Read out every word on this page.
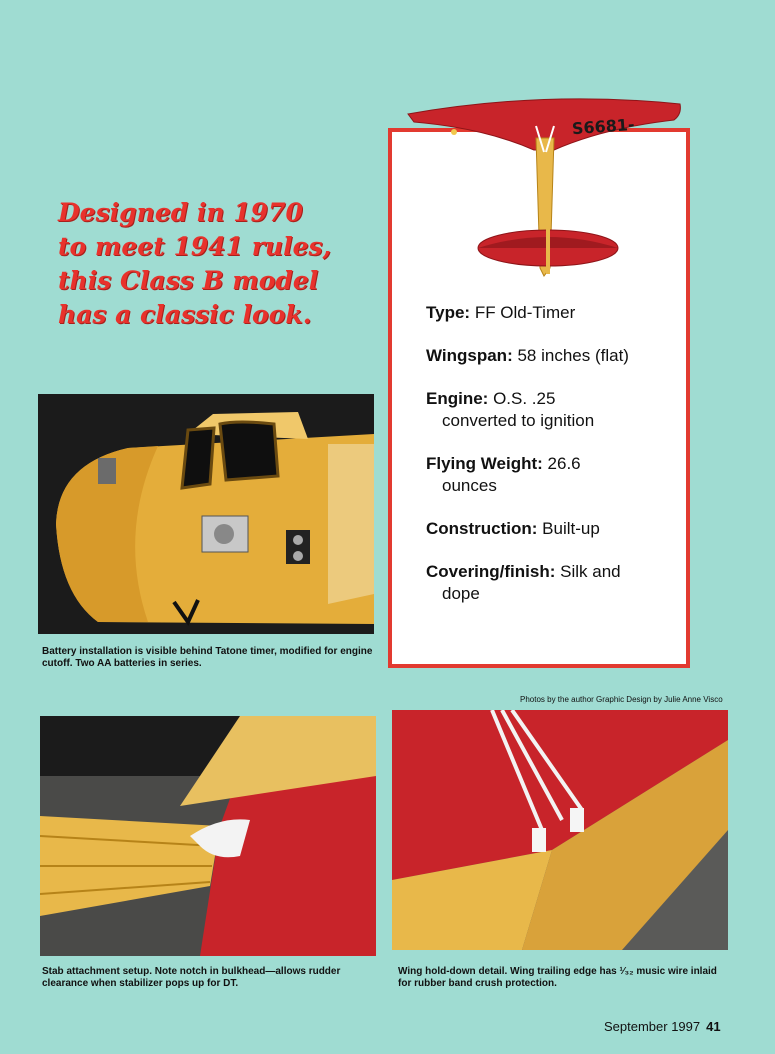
Designed in 1970
to meet 1941 rules,
this Class B model
has a classic look.
S6681-
Type: FF Old-Timer
Wingspan: 58 inches (flat)
Engine: O.S. .25
converted to ignition
Flying Weight: 26.6
ounces
Construction: Built-up
Covering/finish: Silk and
dope
Battery installation is visible behind Tatone timer, modified for engine cutoff. Two AA batteries in series.
Photos by the author Graphic Design by Julie Anne Visco
Stab attachment setup. Note notch in bulkhead—allows rudder clearance when stabilizer pops up for DT.
Wing hold-down detail. Wing trailing edge has ¹⁄₃₂ music wire inlaid for rubber band crush protection.
September 1997 41
